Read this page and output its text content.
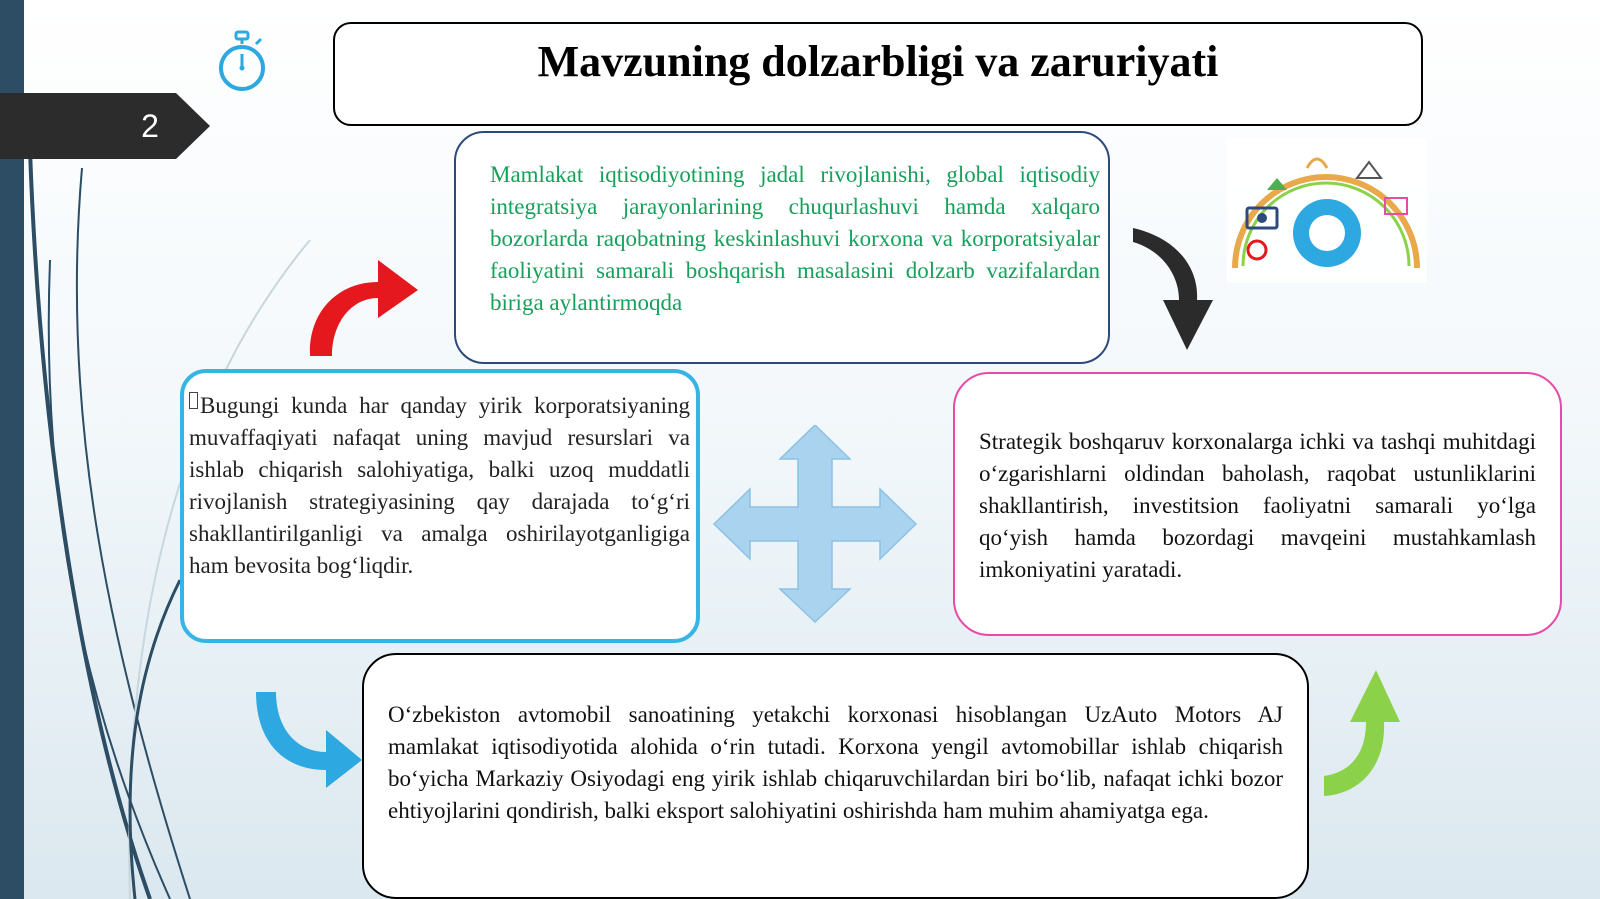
2
Mavzuning dolzarbligi va zaruriyati
Mamlakat iqtisodiyotining jadal rivojlanishi, global iqtisodiy integratsiya jarayonlarining chuqurlashuvi hamda xalqaro bozorlarda raqobatning keskinlashuvi korxona va korporatsiyalar faoliyatini samarali boshqarish masalasini dolzarb vazifalardan biriga aylantirmoqda
Bugungi kunda har qanday yirik korporatsiyaning muvaffaqiyati nafaqat uning mavjud resurslari va ishlab chiqarish salohiyatiga, balki uzoq muddatli rivojlanish strategiyasining qay darajada to‘g‘ri shakllantirilganligi va amalga oshirilayotganligiga ham bevosita bog‘liqdir.
Strategik boshqaruv korxonalarga ichki va tashqi muhitdagi o‘zgarishlarni oldindan baholash, raqobat ustunliklarini shakllantirish, investitsion faoliyatni samarali yo‘lga qo‘yish hamda bozordagi mavqeini mustahkamlash imkoniyatini yaratadi.
O‘zbekiston avtomobil sanoatining yetakchi korxonasi hisoblangan UzAuto Motors AJ mamlakat iqtisodiyotida alohida o‘rin tutadi. Korxona yengil avtomobillar ishlab chiqarish bo‘yicha Markaziy Osiyodagi eng yirik ishlab chiqaruvchilardan biri bo‘lib, nafaqat ichki bozor ehtiyojlarini qondirish, balki eksport salohiyatini oshirishda ham muhim ahamiyatga ega.
